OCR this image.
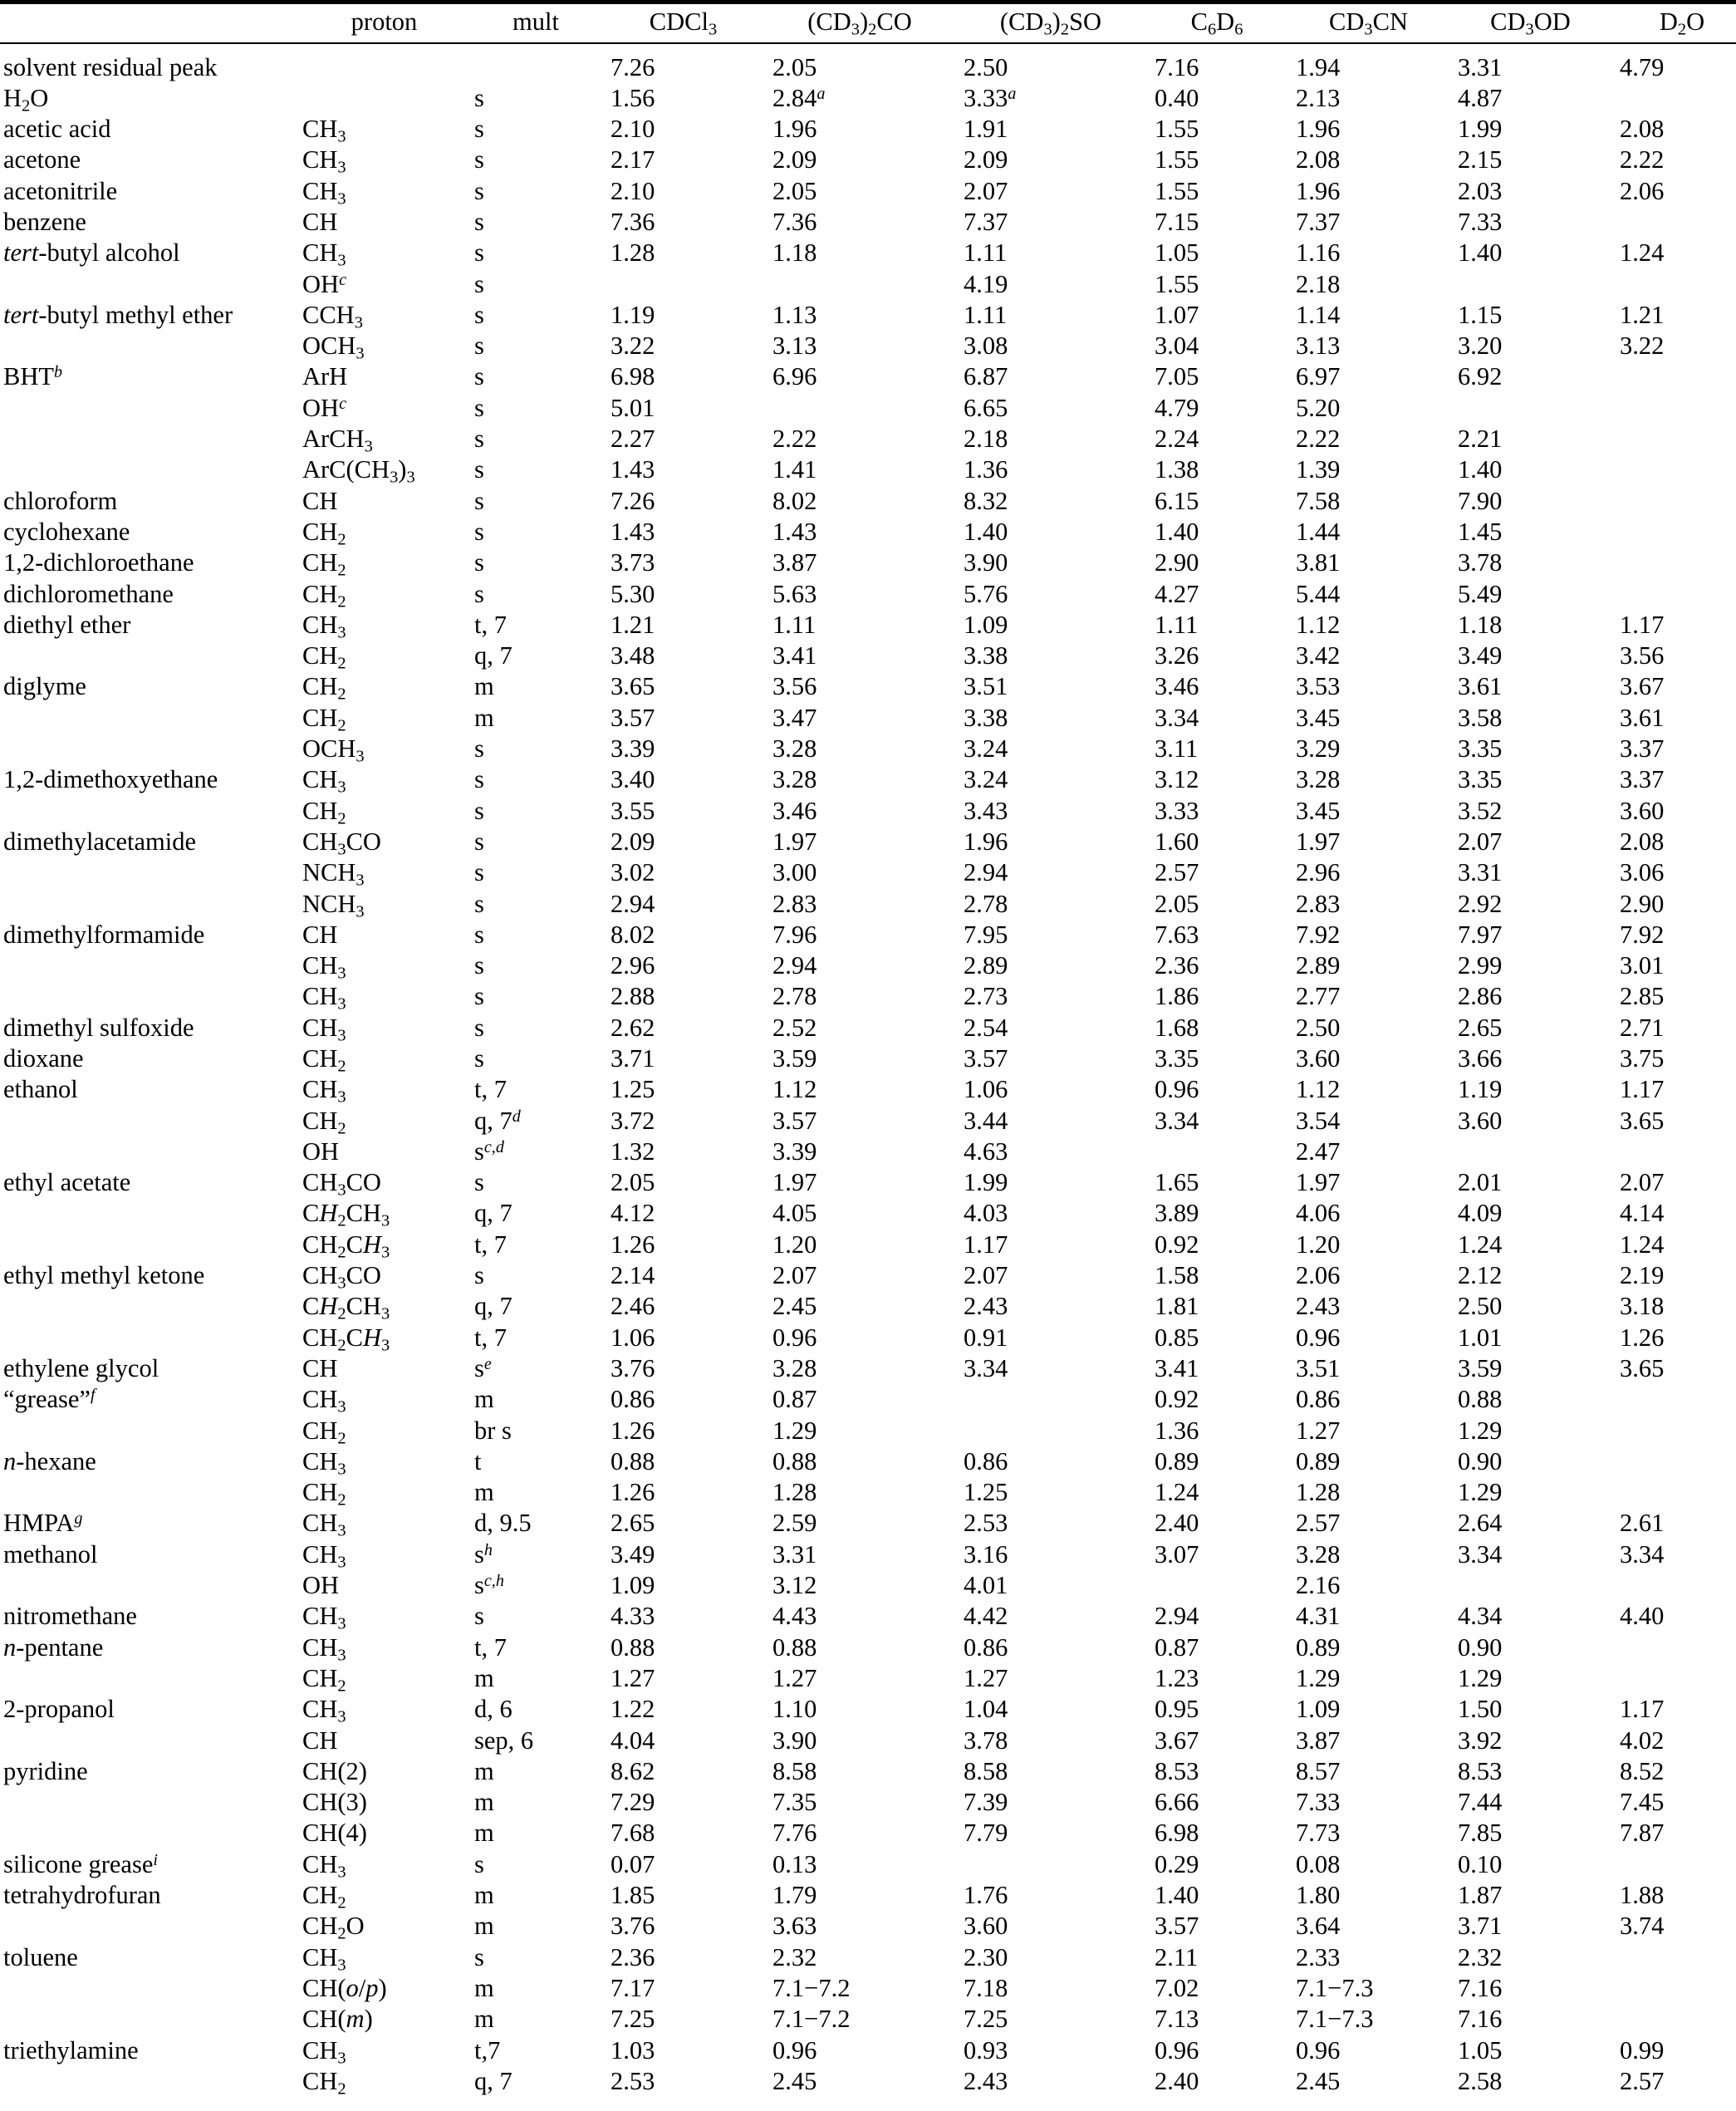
	proton	mult	CDCl$_3$	$(CD_3)_2CO$	$(CD_3)_2SO$	$C_6D_6$	$CD_3CN$	$CD_3OD$	$D_2O$
solvent residual peak			7.26	2.05	2.50	7.16	1.94	3.31	4.79
$H_2O$		s	1.56	2.84$^a$	3.33$^a$	0.40	2.13	4.87	
acetic acid	$CH_3$	s	2.10	1.96	1.91	1.55	1.96	1.99	2.08
acetone	$CH_3$	s	2.17	2.09	2.09	1.55	2.08	2.15	2.22
acetonitrile	$CH_3$	s	2.10	2.05	2.07	1.55	1.96	2.03	2.06
benzene	CH	s	7.36	7.36	7.37	7.15	7.37	7.33	
tert-butyl alcohol	$CH_3$	s	1.28	1.18	1.11	1.05	1.16	1.40	1.24
	$OH^c$	s			4.19	1.55	2.18		
tert-butyl methyl ether	$CCH_3$	s	1.19	1.13	1.11	1.07	1.14	1.15	1.21
	$OCH_3$	s	3.22	3.13	3.08	3.04	3.13	3.20	3.22
BHT$^b$	ArH	s	6.98	6.96	6.87	7.05	6.97	6.92	
	$OH^c$	s	5.01		6.65	4.79	5.20		
	ArCH$_3$	s	2.27	2.22	2.18	2.24	2.22	2.21	
	$ArC(CH_3)_3$	s	1.43	1.41	1.36	1.38	1.39	1.40	
chloroform	CH	s	7.26	8.02	8.32	6.15	7.58	7.90	
cyclohexane	$CH_2$	s	1.43	1.43	1.40	1.40	1.44	1.45	
1,2-dichloroethane	$CH_2$	s	3.73	3.87	3.90	2.90	3.81	3.78	
dichloromethane	$CH_2$	s	5.30	5.63	5.76	4.27	5.44	5.49	
diethyl ether	$CH_3$	t, 7	1.21	1.11	1.09	1.11	1.12	1.18	1.17
	$CH_2$	q, 7	3.48	3.41	3.38	3.26	3.42	3.49	3.56
diglyme	$CH_2$	m	3.65	3.56	3.51	3.46	3.53	3.61	3.67
	$CH_2$	m	3.57	3.47	3.38	3.34	3.45	3.58	3.61
	$OCH_3$	s	3.39	3.28	3.24	3.11	3.29	3.35	3.37
1,2-dimethoxyethane	$CH_3$	s	3.40	3.28	3.24	3.12	3.28	3.35	3.37
	$CH_2$	s	3.55	3.46	3.43	3.33	3.45	3.52	3.60
dimethylacetamide	$CH_3CO$	s	2.09	1.97	1.96	1.60	1.97	2.07	2.08
	$NCH_3$	s	3.02	3.00	2.94	2.57	2.96	3.31	3.06
	$NCH_3$	s	2.94	2.83	2.78	2.05	2.83	2.92	2.90
dimethylformamide	CH	s	8.02	7.96	7.95	7.63	7.92	7.97	7.92
	$CH_3$	s	2.96	2.94	2.89	2.36	2.89	2.99	3.01
	$CH_3$	s	2.88	2.78	2.73	1.86	2.77	2.86	2.85
dimethyl sulfoxide	$CH_3$	s	2.62	2.52	2.54	1.68	2.50	2.65	2.71
dioxane	$CH_2$	s	3.71	3.59	3.57	3.35	3.60	3.66	3.75
ethanol	$CH_3$	t, 7	1.25	1.12	1.06	0.96	1.12	1.19	1.17
	$CH_2$	q, 7$^d$	3.72	3.57	3.44	3.34	3.54	3.60	3.65
	OH	$s^{c,d}$	1.32	3.39	4.63		2.47		
ethyl acetate	$CH_3CO$	s	2.05	1.97	1.99	1.65	1.97	2.01	2.07
	$CH_2CH_3$	q, 7	4.12	4.05	4.03	3.89	4.06	4.09	4.14
	$CH_2CH_3$	t, 7	1.26	1.20	1.17	0.92	1.20	1.24	1.24
ethyl methyl ketone	$CH_3CO$	s	2.14	2.07	2.07	1.58	2.06	2.12	2.19
	$CH_2CH_3$	q, 7	2.46	2.45	2.43	1.81	2.43	2.50	3.18
	$CH_2CH_3$	t, 7	1.06	0.96	0.91	0.85	0.96	1.01	1.26
ethylene glycol	CH	$s^e$	3.76	3.28	3.34	3.41	3.51	3.59	3.65
“grease”$^f$	$CH_3$	m	0.86	0.87		0.92	0.86	0.88	
	$CH_2$	br s	1.26	1.29		1.36	1.27	1.29	
n-hexane	$CH_3$	t	0.88	0.88	0.86	0.89	0.89	0.90	
	$CH_2$	m	1.26	1.28	1.25	1.24	1.28	1.29	
HMPA$^g$	$CH_3$	d, 9.5	2.65	2.59	2.53	2.40	2.57	2.64	2.61
methanol	$CH_3$	$s^h$	3.49	3.31	3.16	3.07	3.28	3.34	3.34
	OH	$s^{c,h}$	1.09	3.12	4.01		2.16		
nitromethane	$CH_3$	s	4.33	4.43	4.42	2.94	4.31	4.34	4.40
n-pentane	$CH_3$	t, 7	0.88	0.88	0.86	0.87	0.89	0.90	
	$CH_2$	m	1.27	1.27	1.27	1.23	1.29	1.29	
2-propanol	$CH_3$	d, 6	1.22	1.10	1.04	0.95	1.09	1.50	1.17
	CH	sep, 6	4.04	3.90	3.78	3.67	3.87	3.92	4.02
pyridine	CH(2)	m	8.62	8.58	8.58	8.53	8.57	8.53	8.52
	CH(3)	m	7.29	7.35	7.39	6.66	7.33	7.44	7.45
	CH(4)	m	7.68	7.76	7.79	6.98	7.73	7.85	7.87
silicone grease$^i$	$CH_3$	s	0.07	0.13		0.29	0.08	0.10	
tetrahydrofuran	$CH_2$	m	1.85	1.79	1.76	1.40	1.80	1.87	1.88
	$CH_2O$	m	3.76	3.63	3.60	3.57	3.64	3.71	3.74
toluene	$CH_3$	s	2.36	2.32	2.30	2.11	2.33	2.32	
	CH(o/p)	m	7.17	7.1−7.2	7.18	7.02	7.1−7.3	7.16	
	CH(m)	m	7.25	7.1−7.2	7.25	7.13	7.1−7.3	7.16	
triethylamine	$CH_3$	t,7	1.03	0.96	0.93	0.96	0.96	1.05	0.99
	$CH_2$	q, 7	2.53	2.45	2.43	2.40	2.45	2.58	2.57
